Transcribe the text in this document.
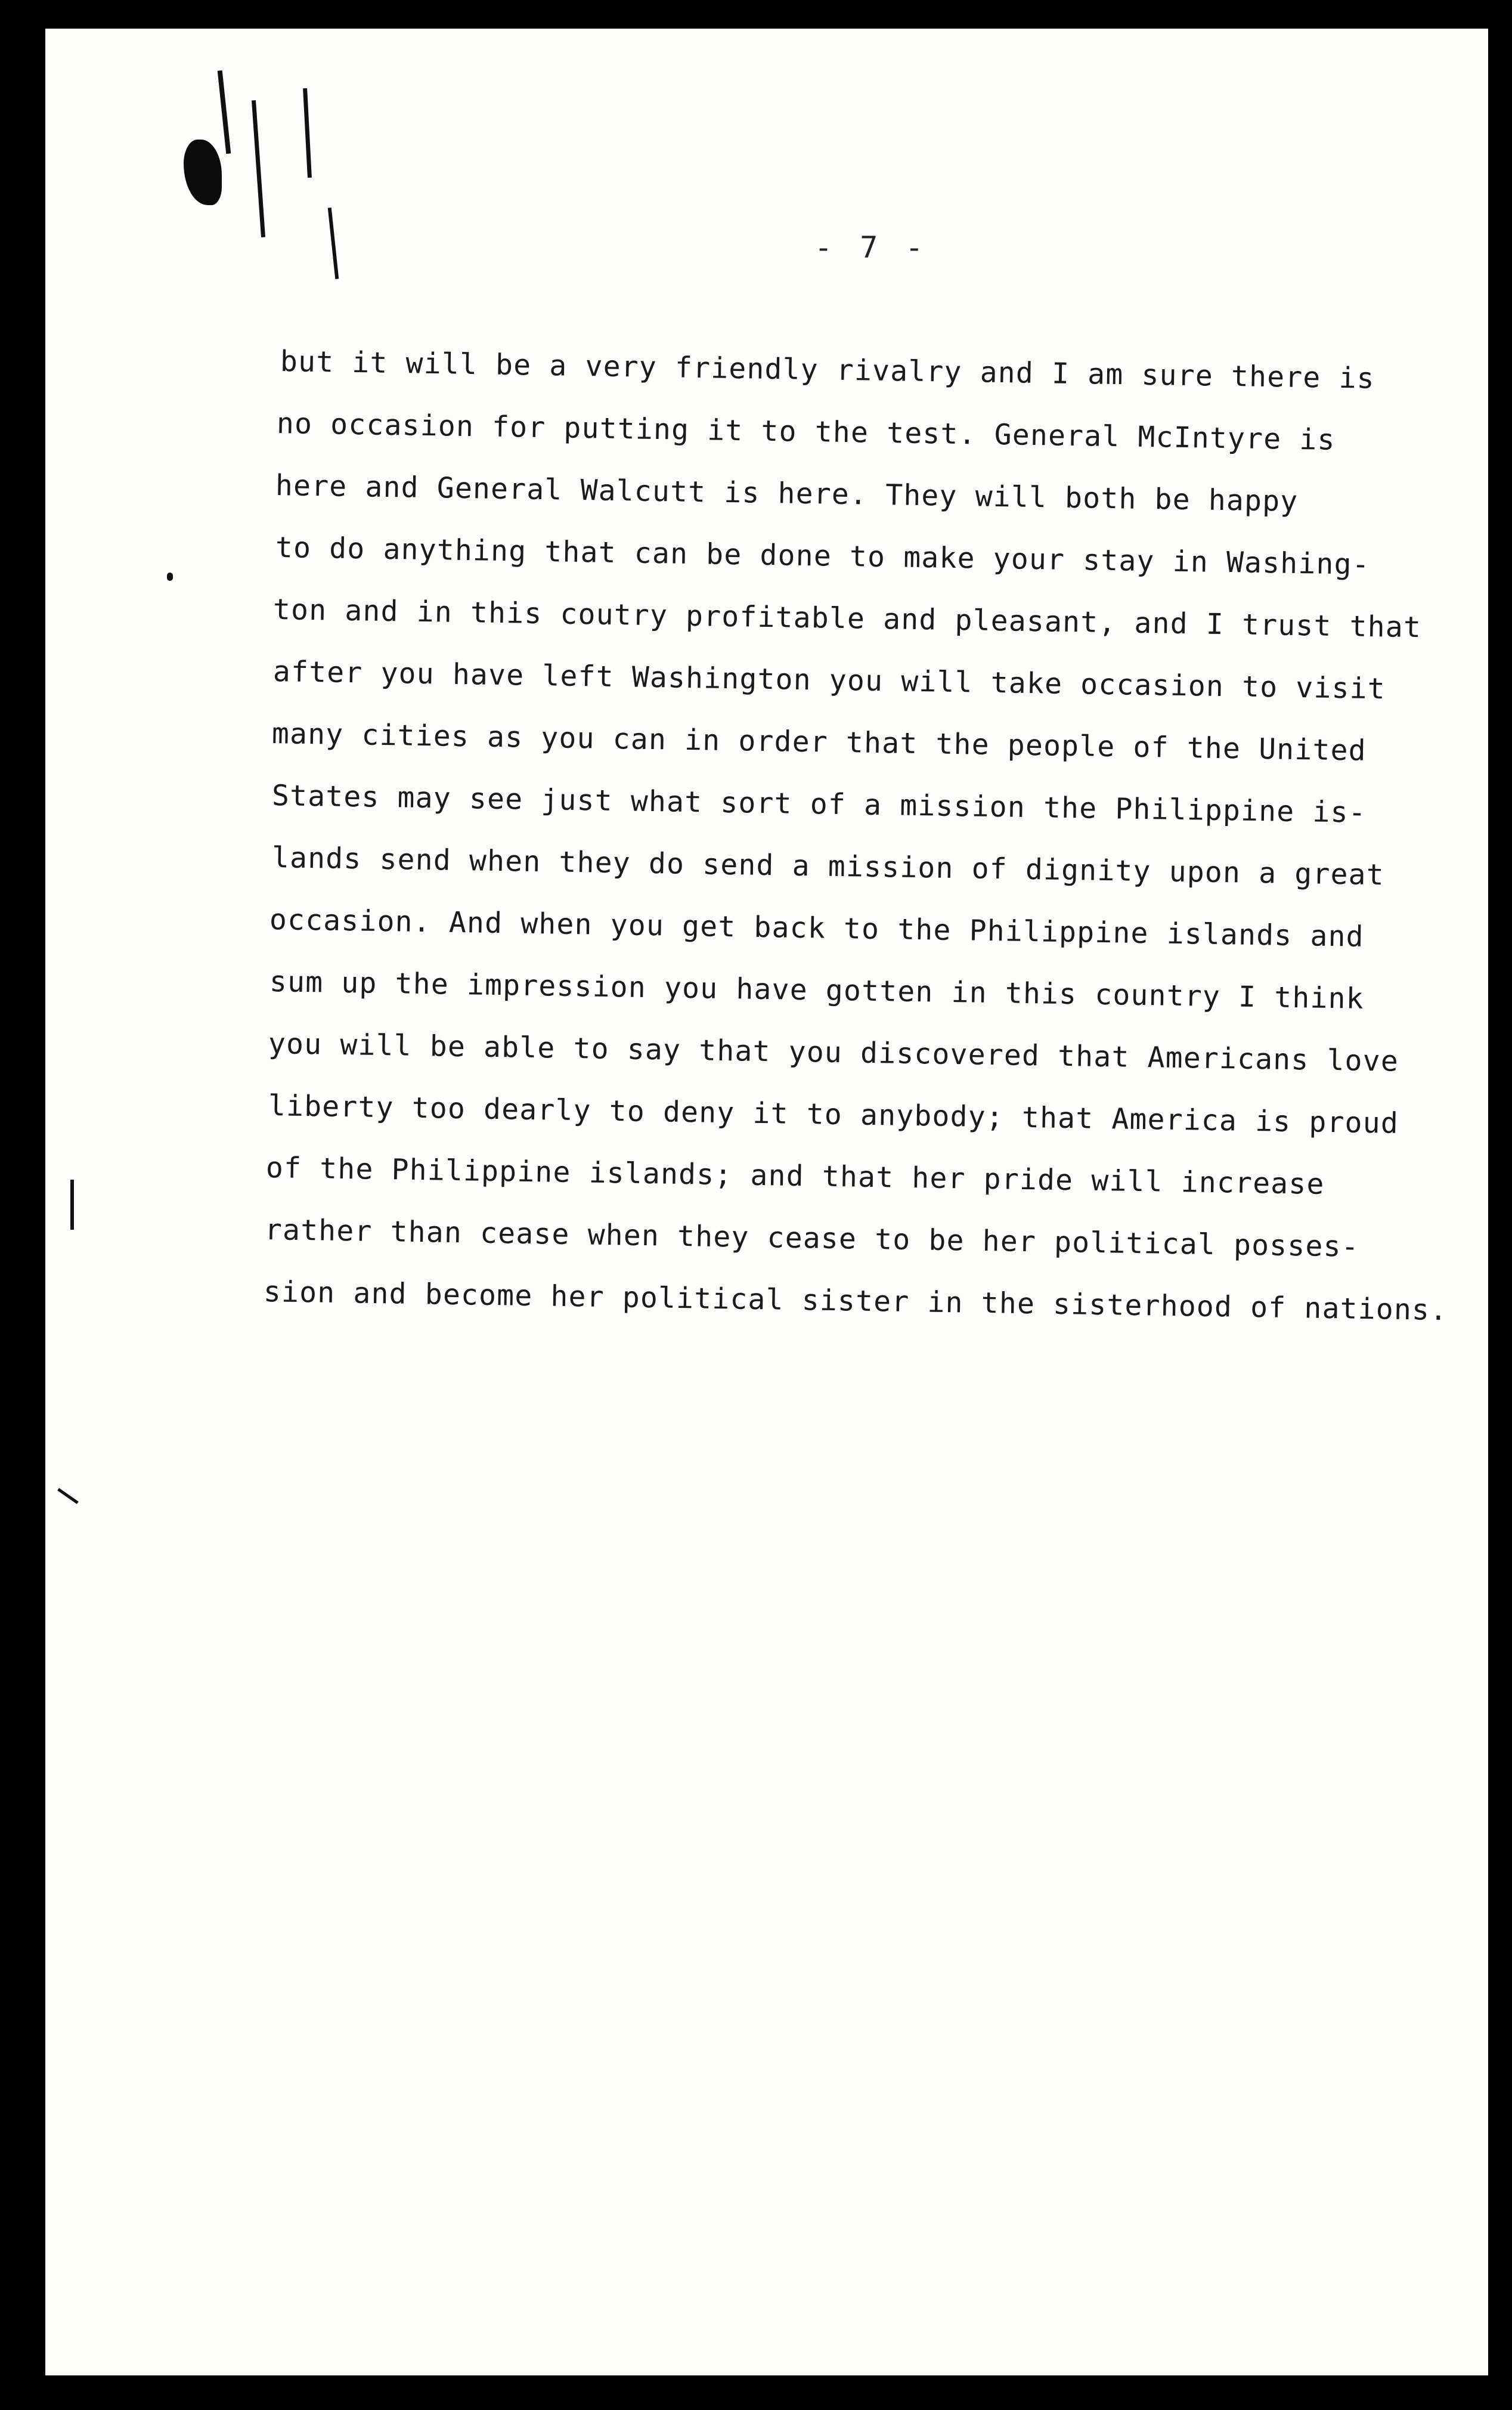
- 7 -
but it will be a very friendly rivalry and I am sure there is
no occasion for putting it to the test. General McIntyre is
here and General Walcutt is here. They will both be happy
to do anything that can be done to make your stay in Washing-
ton and in this coutry profitable and pleasant, and I trust that
after you have left Washington you will take occasion to visit
many cities as you can in order that the people of the United
States may see just what sort of a mission the Philippine is-
lands send when they do send a mission of dignity upon a great
occasion. And when you get back to the Philippine islands and
sum up the impression you have gotten in this country I think
you will be able to say that you discovered that Americans love
liberty too dearly to deny it to anybody; that America is proud
of the Philippine islands; and that her pride will increase
rather than cease when they cease to be her political posses-
sion and become her political sister in the sisterhood of nations.
